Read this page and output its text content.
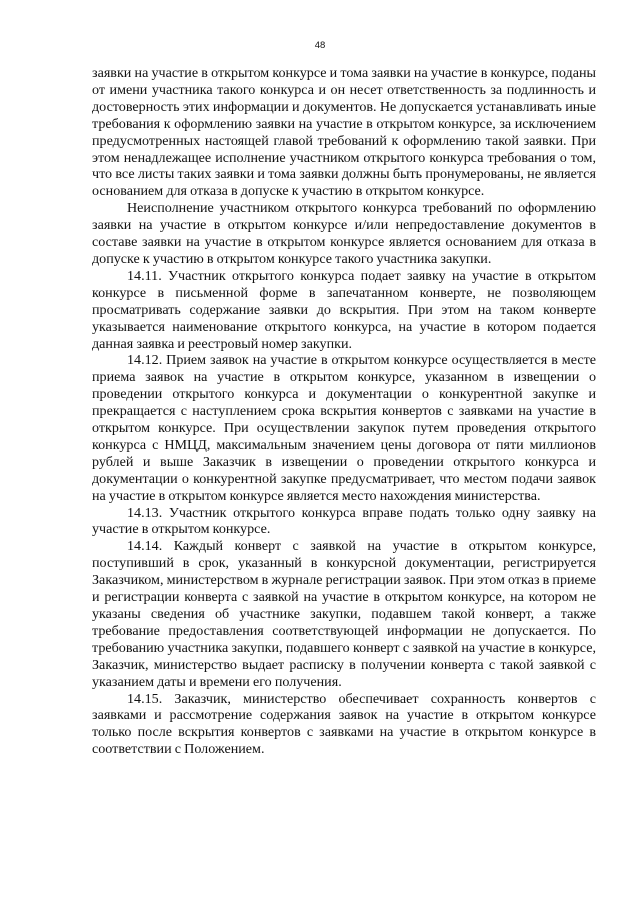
48

заявки на участие в открытом конкурсе и тома заявки на участие в конкурсе, поданы от имени участника такого конкурса и он несет ответственность за подлинность и достоверность этих информации и документов. Не допускается устанавливать иные требования к оформлению заявки на участие в открытом конкурсе, за исключением предусмотренных настоящей главой требований к оформлению такой заявки. При этом ненадлежащее исполнение участником открытого конкурса требования о том, что все листы таких заявки и тома заявки должны быть пронумерованы, не является основанием для отказа в допуске к участию в открытом конкурсе.

Неисполнение участником открытого конкурса требований по оформлению заявки на участие в открытом конкурсе и/или непредоставление документов в составе заявки на участие в открытом конкурсе является основанием для отказа в допуске к участию в открытом конкурсе такого участника закупки.

14.11. Участник открытого конкурса подает заявку на участие в открытом конкурсе в письменной форме в запечатанном конверте, не позволяющем просматривать содержание заявки до вскрытия. При этом на таком конверте указывается наименование открытого конкурса, на участие в котором подается данная заявка и реестровый номер закупки.

14.12. Прием заявок на участие в открытом конкурсе осуществляется в месте приема заявок на участие в открытом конкурсе, указанном в извещении о проведении открытого конкурса и документации о конкурентной закупке и прекращается с наступлением срока вскрытия конвертов с заявками на участие в открытом конкурсе. При осуществлении закупок путем проведения открытого конкурса с НМЦД, максимальным значением цены договора от пяти миллионов рублей и выше Заказчик в извещении о проведении открытого конкурса и документации о конкурентной закупке предусматривает, что местом подачи заявок на участие в открытом конкурсе является место нахождения министерства.

14.13. Участник открытого конкурса вправе подать только одну заявку на участие в открытом конкурсе.

14.14. Каждый конверт с заявкой на участие в открытом конкурсе, поступивший в срок, указанный в конкурсной документации, регистрируется Заказчиком, министерством в журнале регистрации заявок. При этом отказ в приеме и регистрации конверта с заявкой на участие в открытом конкурсе, на котором не указаны сведения об участнике закупки, подавшем такой конверт, а также требование предоставления соответствующей информации не допускается. По требованию участника закупки, подавшего конверт с заявкой на участие в конкурсе, Заказчик, министерство выдает расписку в получении конверта с такой заявкой с указанием даты и времени его получения.

14.15. Заказчик, министерство обеспечивает сохранность конвертов с заявками и рассмотрение содержания заявок на участие в открытом конкурсе только после вскрытия конвертов с заявками на участие в открытом конкурсе в соответствии с Положением.
